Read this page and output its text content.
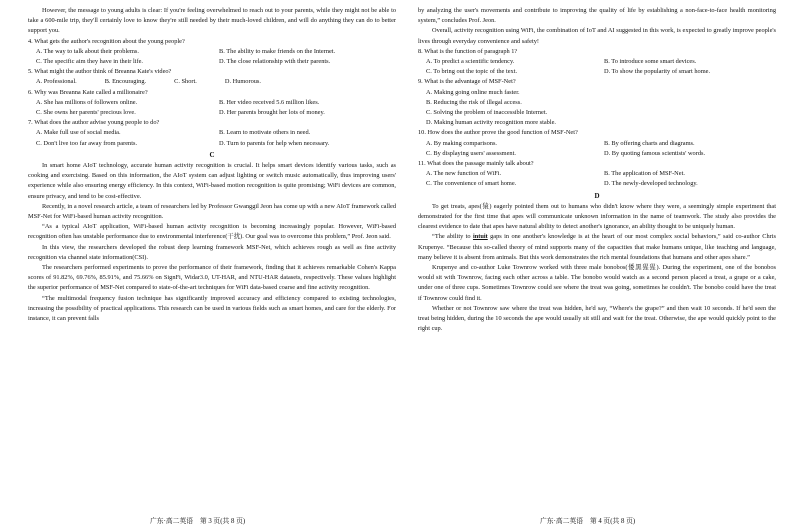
However, the message to young adults is clear: If you're feeling overwhelmed to reach out to your parents, while they might not be able to take a 600-mile trip, they'll certainly love to know they're still needed by their much-loved children, and will do anything they can do to better support you.

4. What gets the author's recognition about the young people?

A. The way to talk about their problems.	B. The ability to make friends on the Internet.
C. The specific aim they have in their life.	D. The close relationship with their parents.

5. What might the author think of Breanna Kate's video?

A. Professional.	B. Encouraging.	C. Short.	D. Humorous.

6. Why was Breanna Kate called a millionaire?

A. She has millions of followers online.	B. Her video received 5.6 million likes.
C. She owns her parents' precious love.	D. Her parents brought her lots of money.

7. What does the author advise young people to do?

A. Make full use of social media.	B. Learn to motivate others in need.
C. Don't live too far away from parents.	D. Turn to parents for help when necessary.
C

In smart home AIoT technology, accurate human activity recognition is crucial. It helps smart devices identify various tasks, such as cooking and exercising. Based on this information, the AIoT system can adjust lighting or switch music automatically, thus improving users' experience while also ensuring energy efficiency. In this context, WiFi-based motion recognition is quite promising; WiFi devices are common, ensure privacy, and tend to be cost-effective.

Recently, in a novel research article, a team of researchers led by Professor Gwanggil Jeon has come up with a new AIoT framework called MSF-Net for WiFi-based human activity recognition.

“As a typical AIoT application, WiFi-based human activity recognition is becoming increasingly popular. However, WiFi-based recognition often has unstable performance due to environmental interference(干扰). Our goal was to overcome this problem,” Prof. Jeon said.

In this view, the researchers developed the robust deep learning framework MSF-Net, which achieves rough as well as fine activity recognition via channel state information(CSI).

The researchers performed experiments to prove the performance of their framework, finding that it achieves remarkable Cohen's Kappa scores of 91.82%, 69.76%, 85.91%, and 75.66% on SignFi, Widar3.0, UT-HAR, and NTU-HAR datasets, respectively. These values highlight the superior performance of MSF-Net compared to state-of-the-art techniques for WiFi data-based coarse and fine activity recognition.

“The multimodal frequency fusion technique has significantly improved accuracy and efficiency compared to existing technologies, increasing the possibility of practical applications. This research can be used in various fields such as smart homes, and care for the elderly. For instance, it can prevent falls

广东·高二英语　第 3 页(共 8 页)

by analyzing the user's movements and contribute to improving the quality of life by establishing a non-face-to-face health monitoring system,” concludes Prof. Jeon.

Overall, activity recognition using WiFi, the combination of IoT and AI suggested in this work, is expected to greatly improve people's lives through everyday convenience and safety!

8. What is the function of paragraph 1?

A. To predict a scientific tendency.	B. To introduce some smart devices.
C. To bring out the topic of the text.	D. To show the popularity of smart home.

9. What is the advantage of MSF-Net?

A. Making going online much faster.
B. Reducing the risk of illegal access.
C. Solving the problem of inaccessible Internet.
D. Making human activity recognition more stable.

10. How does the author prove the good function of MSF-Net?

A. By making comparisons.	B. By offering charts and diagrams.
C. By displaying users' assessment.	D. By quoting famous scientists' words.

11. What does the passage mainly talk about?

A. The new function of WiFi.	B. The application of MSF-Net.
C. The convenience of smart home.	D. The newly-developed technology.
D

To get treats, apes(猿) eagerly pointed them out to humans who didn't know where they were, a seemingly simple experiment that demonstrated for the first time that apes will communicate unknown information in the name of teamwork. The study also provides the clearest evidence to date that apes have natural ability to detect another's ignorance, an ability thought to be uniquely human.

“The ability to intuit gaps in one another's knowledge is at the heart of our most complex social behaviors,” said co-author Chris Krupenye. “Because this so-called theory of mind supports many of the capacities that make humans unique, like teaching and language, many believe it is absent from animals. But this work demonstrates the rich mental foundations that humans and other apes share.”

Krupenye and co-author Luke Townrow worked with three male bonobos(倭黑猩猩). During the experiment, one of the bonobos would sit with Townrow, facing each other across a table. The bonobo would watch as a second person placed a treat, a grape or a cake, under one of three cups. Sometimes Townrow could see where the treat was going, sometimes he couldn't. The bonobo could have the treat if Townrow could find it.

Whether or not Townrow saw where the treat was hidden, he'd say, “Where's the grape?” and then wait 10 seconds. If he'd seen the treat being hidden, during the 10 seconds the ape would usually sit still and wait for the treat. Otherwise, the ape would quickly point to the right cup.

广东·高二英语　第 4 页(共 8 页)
